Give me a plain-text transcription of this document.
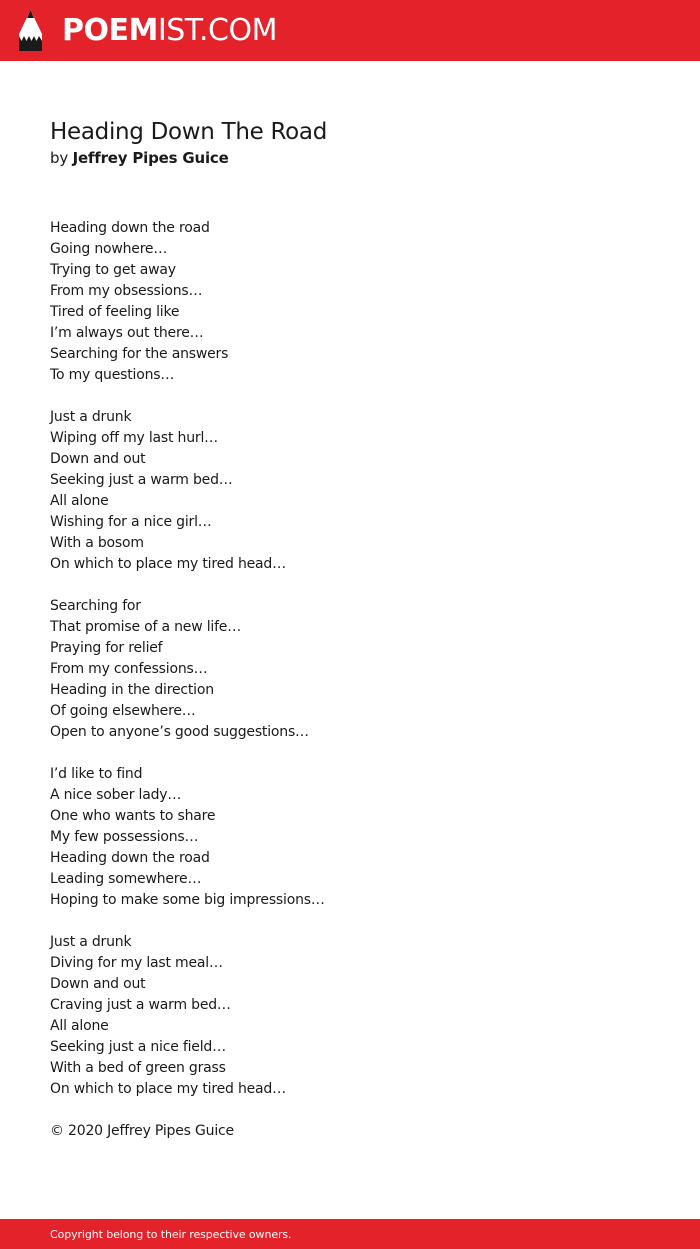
POEMIST.COM
Heading Down The Road
by Jeffrey Pipes Guice
Heading down the road
Going nowhere…
Trying to get away
From my obsessions…
Tired of feeling like
I’m always out there…
Searching for the answers
To my questions…
Just a drunk
Wiping off my last hurl…
Down and out
Seeking just a warm bed…
All alone
Wishing for a nice girl…
With a bosom
On which to place my tired head…
Searching for
That promise of a new life…
Praying for relief
From my confessions…
Heading in the direction
Of going elsewhere…
Open to anyone’s good suggestions…
I’d like to find
A nice sober lady…
One who wants to share
My few possessions…
Heading down the road
Leading somewhere…
Hoping to make some big impressions…
Just a drunk
Diving for my last meal…
Down and out
Craving just a warm bed…
All alone
Seeking just a nice field…
With a bed of green grass
On which to place my tired head…
© 2020 Jeffrey Pipes Guice
Copyright belong to their respective owners.
